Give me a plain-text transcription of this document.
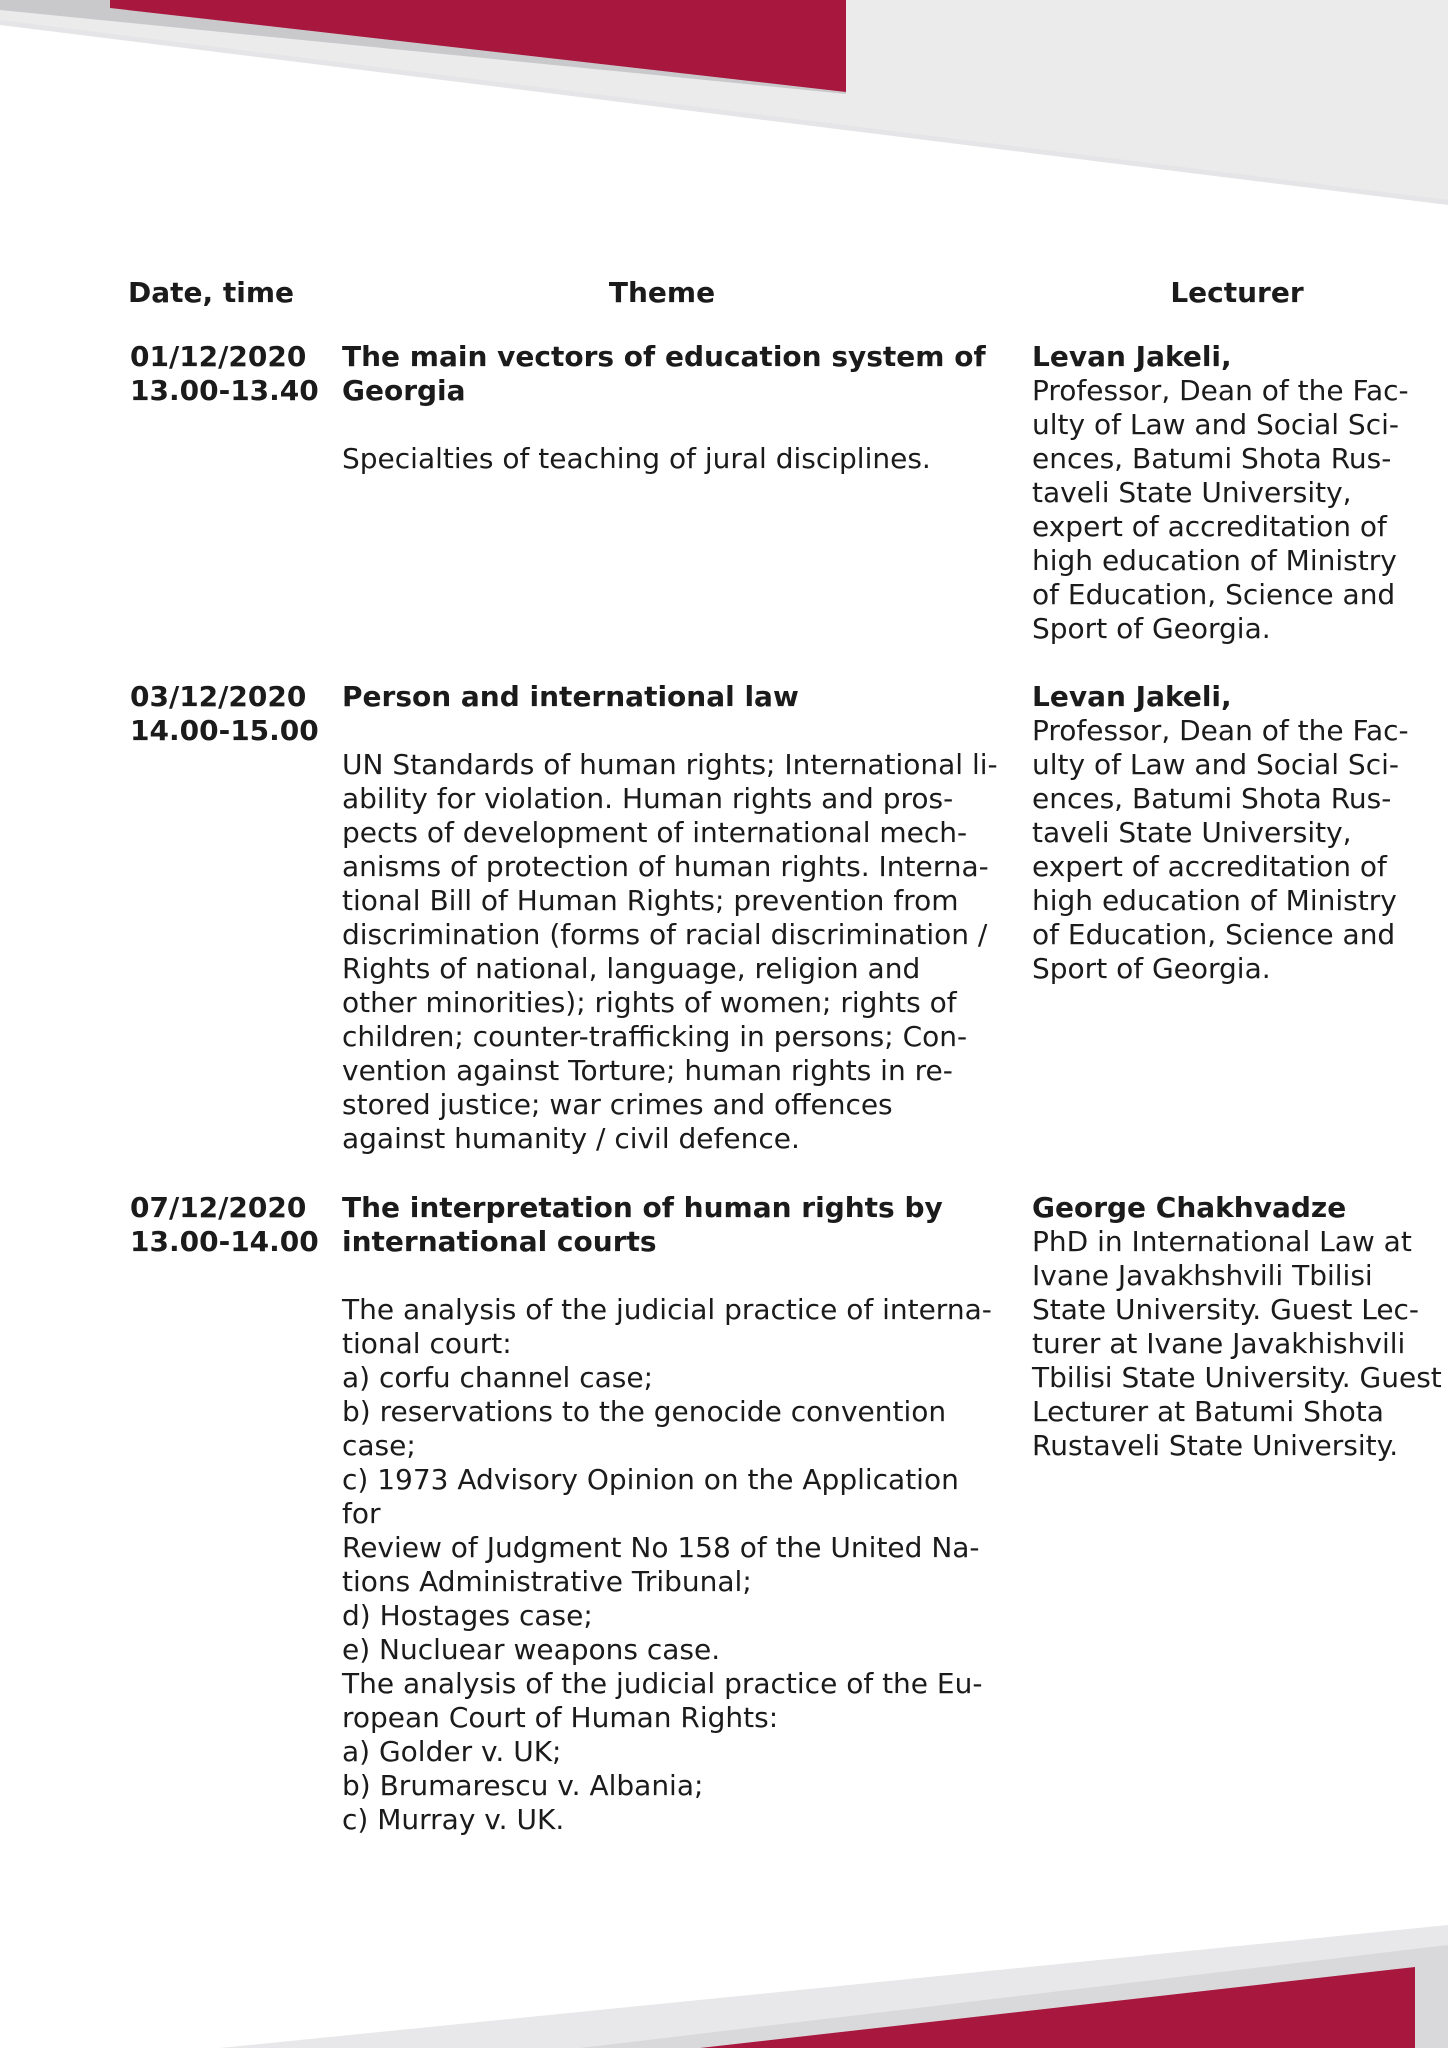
Date, time	Theme	Lecturer
01/12/2020
13.00-13.40
The main vectors of education system of
Georgia
Specialties of teaching of jural disciplines.
Levan Jakeli,
Professor, Dean of the Fac-
ulty of Law and Social Sci-
ences, Batumi Shota Rus-
taveli State University,
expert of accreditation of
high education of Ministry
of Education, Science and
Sport of Georgia.
03/12/2020
14.00-15.00
Person and international law
UN Standards of human rights; International li-
ability for violation. Human rights and pros-
pects of development of international mech-
anisms of protection of human rights. Interna-
tional Bill of Human Rights; prevention from
discrimination (forms of racial discrimination /
Rights of national, language, religion and
other minorities); rights of women; rights of
children; counter-trafficking in persons; Con-
vention against Torture; human rights in re-
stored justice; war crimes and offences
against humanity / civil defence.
Levan Jakeli,
Professor, Dean of the Fac-
ulty of Law and Social Sci-
ences, Batumi Shota Rus-
taveli State University,
expert of accreditation of
high education of Ministry
of Education, Science and
Sport of Georgia.
07/12/2020
13.00-14.00
The interpretation of human rights by
international courts
The analysis of the judicial practice of interna-
tional court:
a) corfu channel case;
b) reservations to the genocide convention
case;
c) 1973 Advisory Opinion on the Application
for
Review of Judgment No 158 of the United Na-
tions Administrative Tribunal;
d) Hostages case;
e) Nucluear weapons case.
The analysis of the judicial practice of the Eu-
ropean Court of Human Rights:
a) Golder v. UK;
b) Brumarescu v. Albania;
c) Murray v. UK.
George Chakhvadze
PhD in International Law at
Ivane Javakhshvili Tbilisi
State University. Guest Lec-
turer at Ivane Javakhishvili
Tbilisi State University. Guest
Lecturer at Batumi Shota
Rustaveli State University.
